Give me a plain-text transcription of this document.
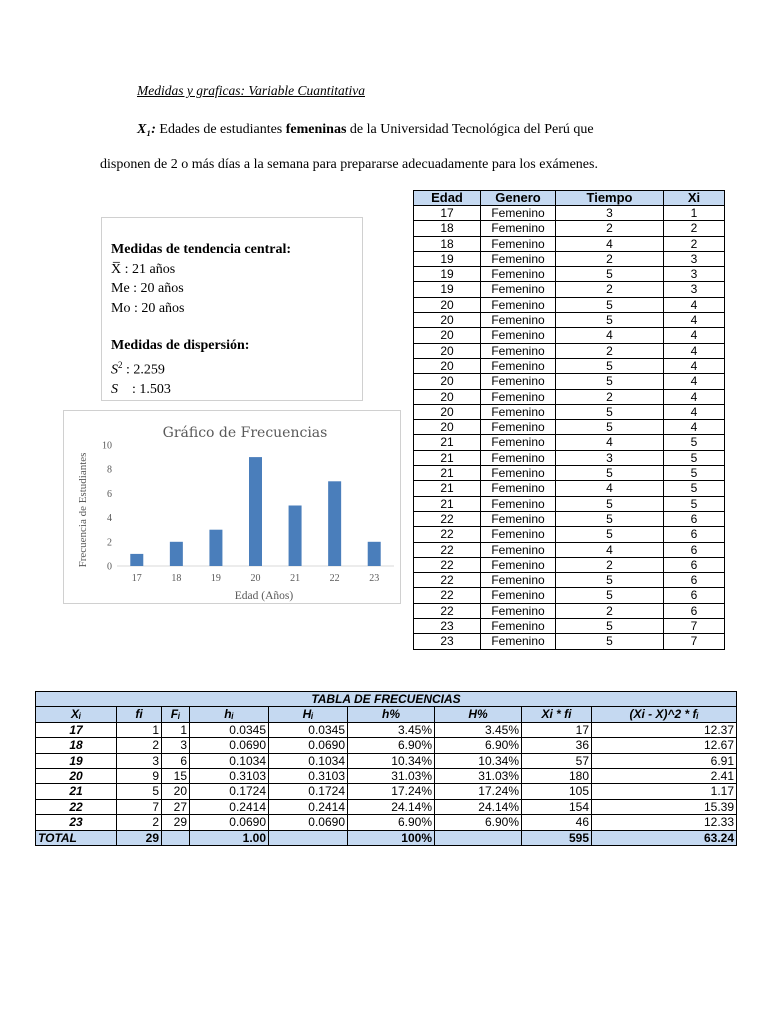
Medidas y graficas: Variable Cuantitativa
X₁: Edades de estudiantes femeninas de la Universidad Tecnológica del Perú que
disponen de 2 o más días a la semana para prepararse adecuadamente para los exámenes.
Medidas de tendencia central:
X̅ : 21 años
Me : 20 años
Mo : 20 años
Medidas de dispersión:
$S^2$ : 2.259
S    : 1.503
Gráfico de Frecuencias
Frecuencia de Estudiantes
Edad (Años)
0
2
4
6
8
10
17	18	19	20	21	22	23
Edad	Genero	Tiempo	Xi
17	Femenino	3	1
18	Femenino	2	2
18	Femenino	4	2
19	Femenino	2	3
19	Femenino	5	3
19	Femenino	2	3
20	Femenino	5	4
20	Femenino	5	4
20	Femenino	4	4
20	Femenino	2	4
20	Femenino	5	4
20	Femenino	5	4
20	Femenino	2	4
20	Femenino	5	4
20	Femenino	5	4
21	Femenino	4	5
21	Femenino	3	5
21	Femenino	5	5
21	Femenino	4	5
21	Femenino	5	5
22	Femenino	5	6
22	Femenino	5	6
22	Femenino	4	6
22	Femenino	2	6
22	Femenino	5	6
22	Femenino	5	6
22	Femenino	2	6
23	Femenino	5	7
23	Femenino	5	7
TABLA DE FRECUENCIAS								
Xᵢ	fi	Fᵢ	hᵢ	Hᵢ	h%	H%	Xi * fi	(Xi - X)^2 * fᵢ
17	1	1	0.0345	0.0345	3.45%	3.45%	17	12.37
18	2	3	0.0690	0.0690	6.90%	6.90%	36	12.67
19	3	6	0.1034	0.1034	10.34%	10.34%	57	6.91
20	9	15	0.3103	0.3103	31.03%	31.03%	180	2.41
21	5	20	0.1724	0.1724	17.24%	17.24%	105	1.17
22	7	27	0.2414	0.2414	24.14%	24.14%	154	15.39
23	2	29	0.0690	0.0690	6.90%	6.90%	46	12.33
TOTAL	29		1.00		100%		595	63.24
